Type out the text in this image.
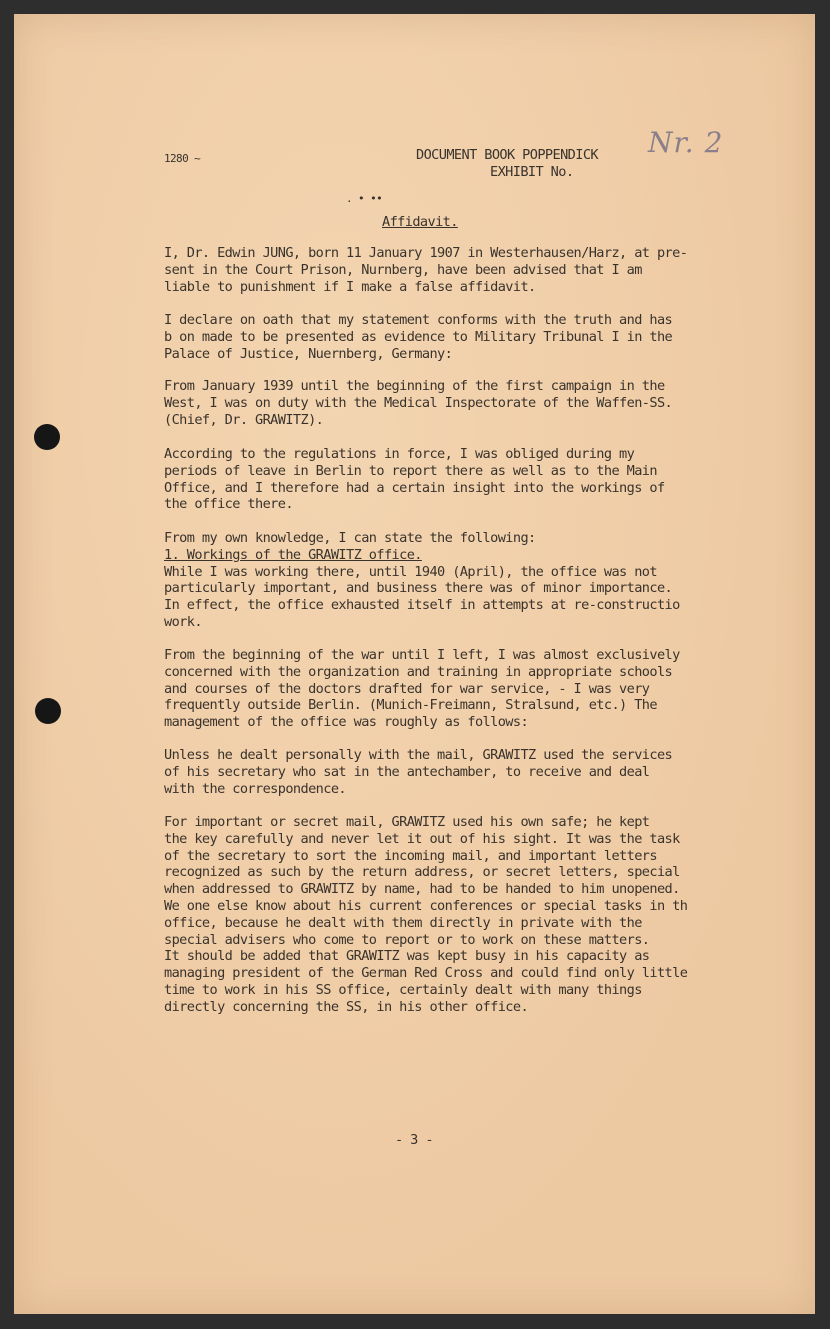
1280 ~	DOCUMENT BOOK POPPENDICK
EXHIBIT No.
Nr. 2
. • ••
Affidavit.
I, Dr. Edwin JUNG, born 11 January 1907 in Westerhausen/Harz, at pre-
sent in the Court Prison, Nurnberg, have been advised that I am
liable to punishment if I make a false affidavit.
I declare on oath that my statement conforms with the truth and has
b on made to be presented as evidence to Military Tribunal I in the
Palace of Justice, Nuernberg, Germany:
From January 1939 until the beginning of the first campaign in the
West, I was on duty with the Medical Inspectorate of the Waffen-SS.
(Chief, Dr. GRAWITZ).
According to the regulations in force, I was obliged during my
periods of leave in Berlin to report there as well as to the Main
Office, and I therefore had a certain insight into the workings of
the office there.
From my own knowledge, I can state the following:
1. Workings of the GRAWITZ office.
While I was working there, until 1940 (April), the office was not
particularly important, and business there was of minor importance.
In effect, the office exhausted itself in attempts at re-constructio
work.
From the beginning of the war until I left, I was almost exclusively
concerned with the organization and training in appropriate schools
and courses of the doctors drafted for war service, - I was very
frequently outside Berlin. (Munich-Freimann, Stralsund, etc.) The
management of the office was roughly as follows:
Unless he dealt personally with the mail, GRAWITZ used the services
of his secretary who sat in the antechamber, to receive and deal
with the correspondence.
For important or secret mail, GRAWITZ used his own safe; he kept
the key carefully and never let it out of his sight. It was the task
of the secretary to sort the incoming mail, and important letters
recognized as such by the return address, or secret letters, special
when addressed to GRAWITZ by name, had to be handed to him unopened.
We one else know about his current conferences or special tasks in th
office, because he dealt with them directly in private with the
special advisers who come to report or to work on these matters.
It should be added that GRAWITZ was kept busy in his capacity as
managing president of the German Red Cross and could find only little
time to work in his SS office, certainly dealt with many things
directly concerning the SS, in his other office.
- 3 -
